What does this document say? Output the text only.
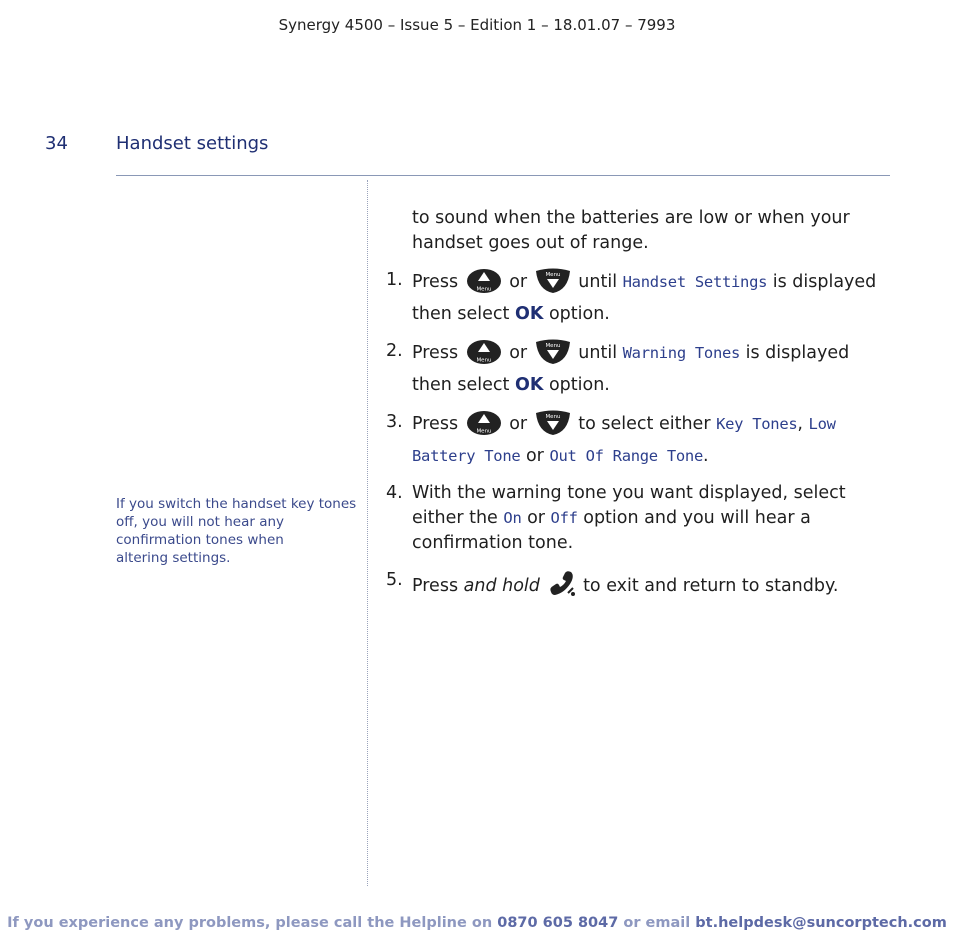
Synergy 4500 – Issue 5 – Edition 1 – 18.01.07 – 7993
34	Handset settings
If you switch the handset key tones
off, you will not hear any
confirmation tones when
altering settings.

to sound when the batteries are low or when your handset goes out of range.

1. Press	Menu or	Menu until Handset Settings is displayed then select OK option.
2. Press	Menu or	Menu until Warning Tones is displayed then select OK option.
3. Press	Menu or	Menu to select either Key Tones, Low Battery Tone or Out Of Range Tone.
4. With the warning tone you want displayed, select either the On or Off option and you will hear a confirmation tone.
5. Press and hold to exit and return to standby.
If you experience any problems, please call the Helpline on 0870 605 8047 or email bt.helpdesk@suncorptech.com
